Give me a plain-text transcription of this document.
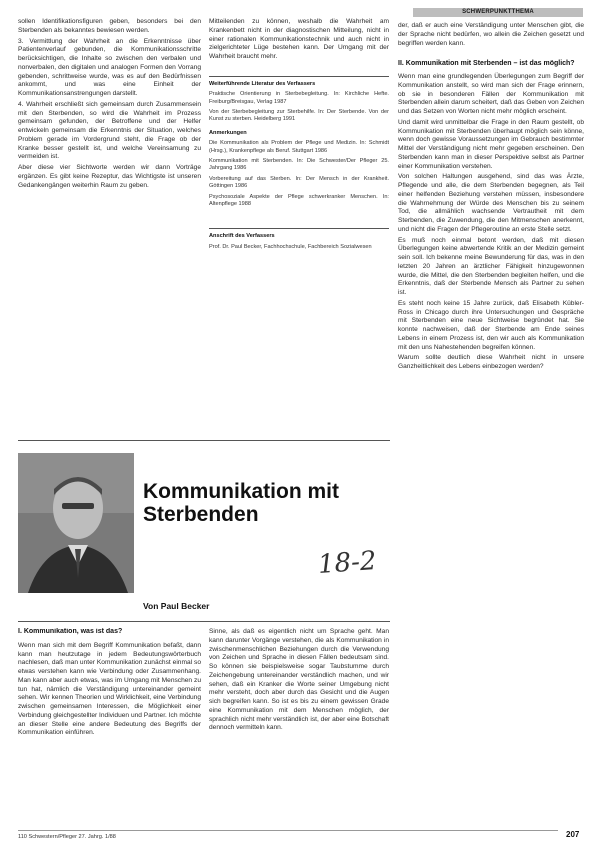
SCHWERPUNKTTHEMA

sollen Identifikationsfiguren geben, besonders bei den Sterbenden als bekanntes bewiesen werden.

3. Vermittlung der Wahrheit an die Erkenntnisse über Patientenverlauf gebunden, die Kommunikationsschritte berücksichtigen, die Inhalte so zwischen den verbalen und nonverbalen, den digitalen und analogen Formen den Vorrang gebenden, schrittweise wurde, was es auf den Bedürfnissen ankommt, und was eine Einheit der Kommunikationsanstrengungen darstellt.

4. Wahrheit erschließt sich gemeinsam durch Zusammensein mit den Sterbenden, so wird die Wahrheit im Prozess gemeinsam gefunden, der Betroffene und der Helfer entwickeln gemeinsam die Erkenntnis der Situation, welches Problem gerade im Vordergrund steht, die Frage ob der Kranke besser gestellt ist, und welche Vereinsamung zu vermeiden ist.

Aber diese vier Sichtworte werden wir dann Vorträge ergänzen. Es gibt keine Rezeptur, das Wichtigste ist unseren Gedankengängen weiterhin Raum zu geben.

Mitteilenden zu können, weshalb die Wahrheit am Krankenbett nicht in der diagnostischen Mitteilung, nicht in einer rationalen Kommunikationstechnik und auch nicht in zielgerichteter Lüge bestehen kann. Der Umgang mit der Wahrheit braucht mehr.

Weiterführende Literatur des Verfassers

Praktische Orientierung in Sterbebegleitung. In: Kirchliche Hefte. Freiburg/Breisgau, Verlag 1987

Von der Sterbebegleitung zur Sterbehilfe. In: Der Sterbende. Von der Kunst zu sterben. Heidelberg 1991

Anmerkungen

Die Kommunikation als Problem der Pflege und Medizin. In: Schmidt (Hrsg.), Krankenpflege als Beruf. Stuttgart 1986

Kommunikation mit Sterbenden. In: Die Schwester/Der Pfleger 25. Jahrgang 1986

Vorbereitung auf das Sterben. In: Der Mensch in der Krankheit. Göttingen 1986

Psychosoziale Aspekte der Pflege schwerkranker Menschen. In: Altenpflege 1988

Anschrift des Verfassers

Prof. Dr. Paul Becker, Fachhochschule, Fachbereich Sozialwesen

der, daß er auch eine Verständigung unter Menschen gibt, die der Sprache nicht bedürfen, wo allein die Zeichen gesetzt und begriffen werden kann.

II. Kommunikation mit Sterbenden – ist das möglich?

Wenn man eine grundlegenden Überlegungen zum Begriff der Kommunikation anstellt, so wird man sich der Frage erinnern, ob sie in besonderen Fällen der Kommunikation mit Sterbenden allein darum scheitert, daß das Geben von Zeichen und das Setzen von Worten nicht mehr möglich erscheint.

Und damit wird unmittelbar die Frage in den Raum gestellt, ob Kommunikation mit Sterbenden überhaupt möglich sein könne, wenn doch gewisse Voraussetzungen im Gebrauch bestimmter Mittel der Verständigung nicht mehr gegeben erscheinen. Den Sterbenden kann man in dieser Perspektive selbst als Partner einer Kommunikation verstehen.

Von solchen Haltungen ausgehend, sind das was Ärzte, Pflegende und alle, die dem Sterbenden begegnen, als Teil einer helfenden Beziehung verstehen müssen, insbesondere die Wahrnehmung der Würde des Menschen bis zu seinem Tod, die allmählich wachsende Vertrautheit mit dem Sterbenden, die Zuwendung, die den Mitmenschen anerkennt, und nicht die Fragen der Pflegeroutine an erste Stelle setzt.

Es muß noch einmal betont werden, daß mit diesen Überlegungen keine abwertende Kritik an der Medizin gemeint sein soll. Ich bekenne meine Bewunderung für das, was in den letzten 20 Jahren an ärztlicher Fähigkeit hinzugewonnen wurde, die Mittel, die den Sterbenden begleiten helfen, und die Erkenntnis, daß der Sterbende Mensch als Partner zu sehen ist.

Es steht noch keine 15 Jahre zurück, daß Elisabeth Kübler-Ross in Chicago durch ihre Untersuchungen und Gespräche mit Sterbenden eine neue Sichtweise begründet hat. Sie konnte nachweisen, daß der Sterbende am Ende seines Lebens in einem Prozess ist, den wir auch als Kommunikation mit den uns Nahestehenden begreifen können.

Warum sollte deutlich diese Wahrheit nicht in unsere Ganzheitlichkeit des Lebens einbezogen werden?

Kommunikation mit
Sterbenden
18-2
Von Paul Becker

I. Kommunikation, was ist das?

Wenn man sich mit dem Begriff Kommunikation befaßt, dann kann man heutzutage in jedem Bedeutungswörterbuch nachlesen, daß man unter Kommunikation zunächst einmal so etwas verstehen kann wie Verbindung oder Zusammenhang. Man kann aber auch etwas, was im Umgang mit Menschen zu tun hat, nämlich die Verständigung untereinander gemeint sehen. Wir kennen Theorien und Wirklichkeit, eine Verbindung zwischen gemeinsamen Interessen, die Möglichkeit einer Verbindung gleichgestellter Individuen und Partner. Ich möchte an dieser Stelle eine andere Bedeutung des Begriffs der Kommunikation einführen.

Sinne, als daß es eigentlich nicht um Sprache geht. Man kann darunter Vorgänge verstehen, die als Kommunikation in zwischenmenschlichen Beziehungen durch die Verwendung von Zeichen und Sprache in diesen Fällen bedeutsam sind. So können sie beispielsweise sogar Taubstumme durch Zeichengebung untereinander verständlich machen, und wir sehen, daß ein Kranker die Worte seiner Umgebung nicht mehr versteht, doch aber durch das Gesicht und die Augen sich begreifen kann. So ist es bis zu einem gewissen Grade eine Kommunikation mit dem Menschen möglich, der sprachlich nicht mehr verständlich ist, der aber eine Botschaft dennoch vermitteln kann.

110 Schwestern/Pfleger 27. Jahrg. 1/88	207
